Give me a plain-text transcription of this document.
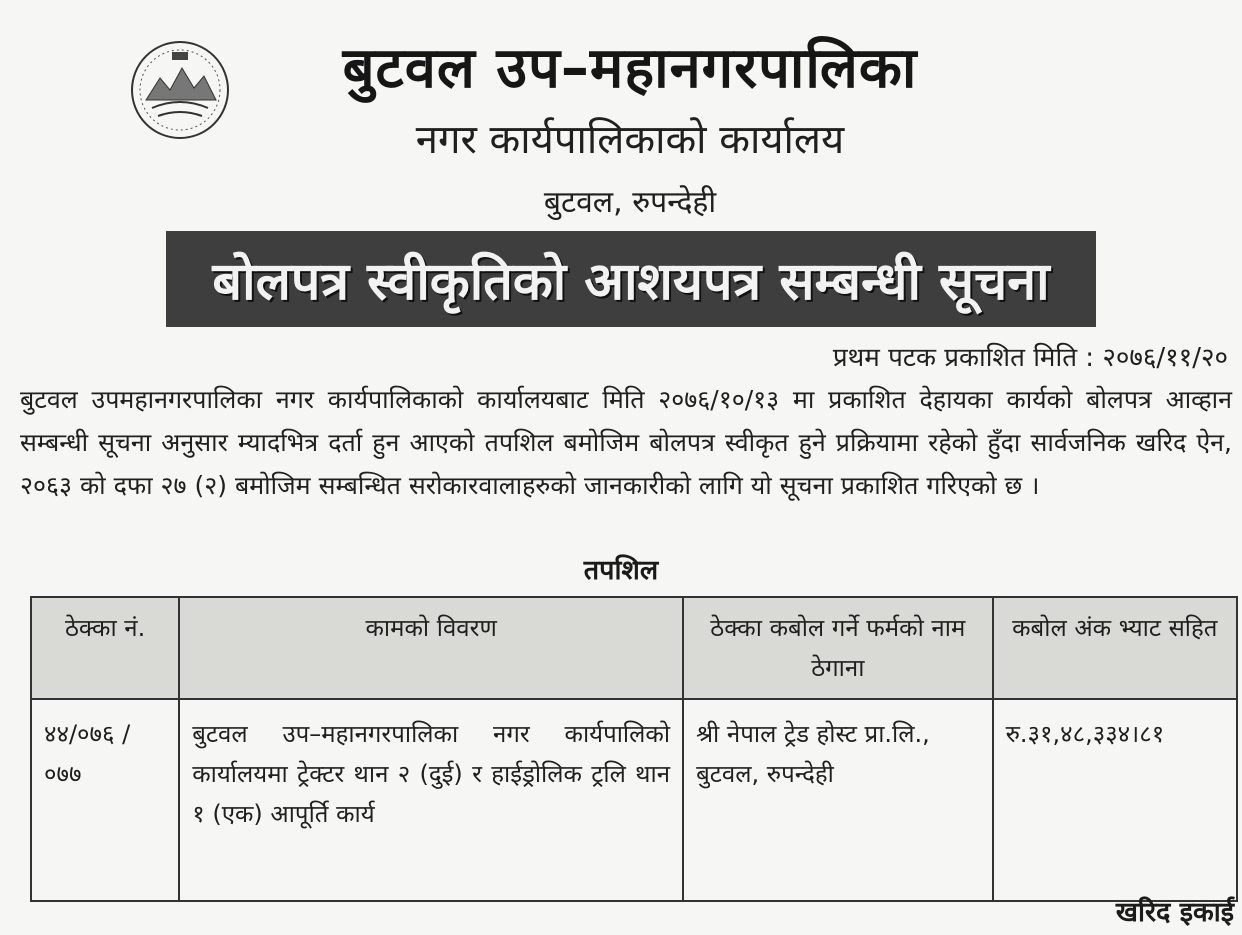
बुटवल उप–महानगरपालिका
नगर कार्यपालिकाको कार्यालय
बुटवल, रुपन्देही
बोलपत्र स्वीकृतिको आशयपत्र सम्बन्धी सूचना
प्रथम पटक प्रकाशित मिति : २०७६/११/२०

बुटवल उपमहानगरपालिका नगर कार्यपालिकाको कार्यालयबाट मिति २०७६/१०/१३ मा प्रकाशित देहायका कार्यको बोलपत्र आव्हान सम्बन्धी सूचना अनुसार म्यादभित्र दर्ता हुन आएको तपशिल बमोजिम बोलपत्र स्वीकृत हुने प्रक्रियामा रहेको हुँदा सार्वजनिक खरिद ऐन, २०६३ को दफा २७ (२) बमोजिम सम्बन्धित सरोकारवालाहरुको जानकारीको लागि यो सूचना प्रकाशित गरिएको छ ।

तपशिल
ठेक्का नं.	कामको विवरण	ठेक्का कबोल गर्ने फर्मको नाम ठेगाना	कबोल अंक भ्याट सहित
४४/०७६ /०७७	बुटवल उप–महानगरपालिका नगर कार्यपालिको कार्यालयमा ट्रेक्टर थान २ (दुई) र हाईड्रोलिक ट्रलि थान १ (एक) आपूर्ति कार्य	श्री नेपाल ट्रेड होस्ट प्रा.लि., बुटवल, रुपन्देही	रु.३१,४८,३३४।८१
खरिद इकाई
